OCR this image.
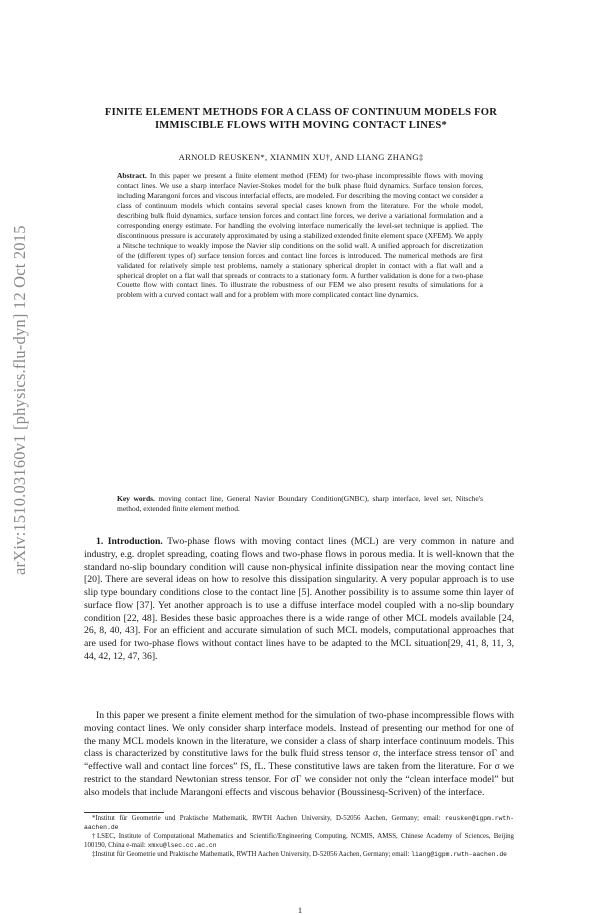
arXiv:1510.03160v1 [physics.flu-dyn] 12 Oct 2015
FINITE ELEMENT METHODS FOR A CLASS OF CONTINUUM MODELS FOR IMMISCIBLE FLOWS WITH MOVING CONTACT LINES*
ARNOLD REUSKEN*, XIANMIN XU†, AND LIANG ZHANG‡
Abstract. In this paper we present a finite element method (FEM) for two-phase incompressible flows with moving contact lines. We use a sharp interface Navier-Stokes model for the bulk phase fluid dynamics. Surface tension forces, including Marangoni forces and viscous interfacial effects, are modeled. For describing the moving contact we consider a class of continuum models which contains several special cases known from the literature. For the whole model, describing bulk fluid dynamics, surface tension forces and contact line forces, we derive a variational formulation and a corresponding energy estimate. For handling the evolving interface numerically the level-set technique is applied. The discontinuous pressure is accurately approximated by using a stabilized extended finite element space (XFEM). We apply a Nitsche technique to weakly impose the Navier slip conditions on the solid wall. A unified approach for discretization of the (different types of) surface tension forces and contact line forces is introduced. The numerical methods are first validated for relatively simple test problems, namely a stationary spherical droplet in contact with a flat wall and a spherical droplet on a flat wall that spreads or contracts to a stationary form. A further validation is done for a two-phase Couette flow with contact lines. To illustrate the robustness of our FEM we also present results of simulations for a problem with a curved contact wall and for a problem with more complicated contact line dynamics.
Key words. moving contact line, General Navier Boundary Condition(GNBC), sharp interface, level set, Nitsche's method, extended finite element method.

1. Introduction. Two-phase flows with moving contact lines (MCL) are very common in nature and industry, e.g. droplet spreading, coating flows and two-phase flows in porous media. It is well-known that the standard no-slip boundary condition will cause non-physical infinite dissipation near the moving contact line [20]. There are several ideas on how to resolve this dissipation singularity. A very popular approach is to use slip type boundary conditions close to the contact line [5]. Another possibility is to assume some thin layer of surface flow [37]. Yet another approach is to use a diffuse interface model coupled with a no-slip boundary condition [22, 48]. Besides these basic approaches there is a wide range of other MCL models available [24, 26, 8, 40, 43]. For an efficient and accurate simulation of such MCL models, computational approaches that are used for two-phase flows without contact lines have to be adapted to the MCL situation[29, 41, 8, 11, 3, 44, 42, 12, 47, 36].

In this paper we present a finite element method for the simulation of two-phase incompressible flows with moving contact lines. We only consider sharp interface models. Instead of presenting our method for one of the many MCL models known in the literature, we consider a class of sharp interface continuum models. This class is characterized by constitutive laws for the bulk fluid stress tensor σ, the interface stress tensor σΓ and “effective wall and contact line forces” fS, fL. These constitutive laws are taken from the literature. For σ we restrict to the standard Newtonian stress tensor. For σΓ we consider not only the “clean interface model” but also models that include Marangoni effects and viscous behavior (Boussinesq-Scriven) of the interface.

*Institut für Geometrie und Praktische Mathematik, RWTH Aachen University, D-52056 Aachen, Germany; email: reusken@igpm.rwth-aachen.de

†LSEC, Institute of Computational Mathematics and Scientific/Engineering Computing, NCMIS, AMSS, Chinese Academy of Sciences, Beijing 100190, China e-mail: xmxu@lsec.cc.ac.cn

‡Institut für Geometrie und Praktische Mathematik, RWTH Aachen University, D-52056 Aachen, Germany; email: liang@igpm.rwth-aachen.de

1
